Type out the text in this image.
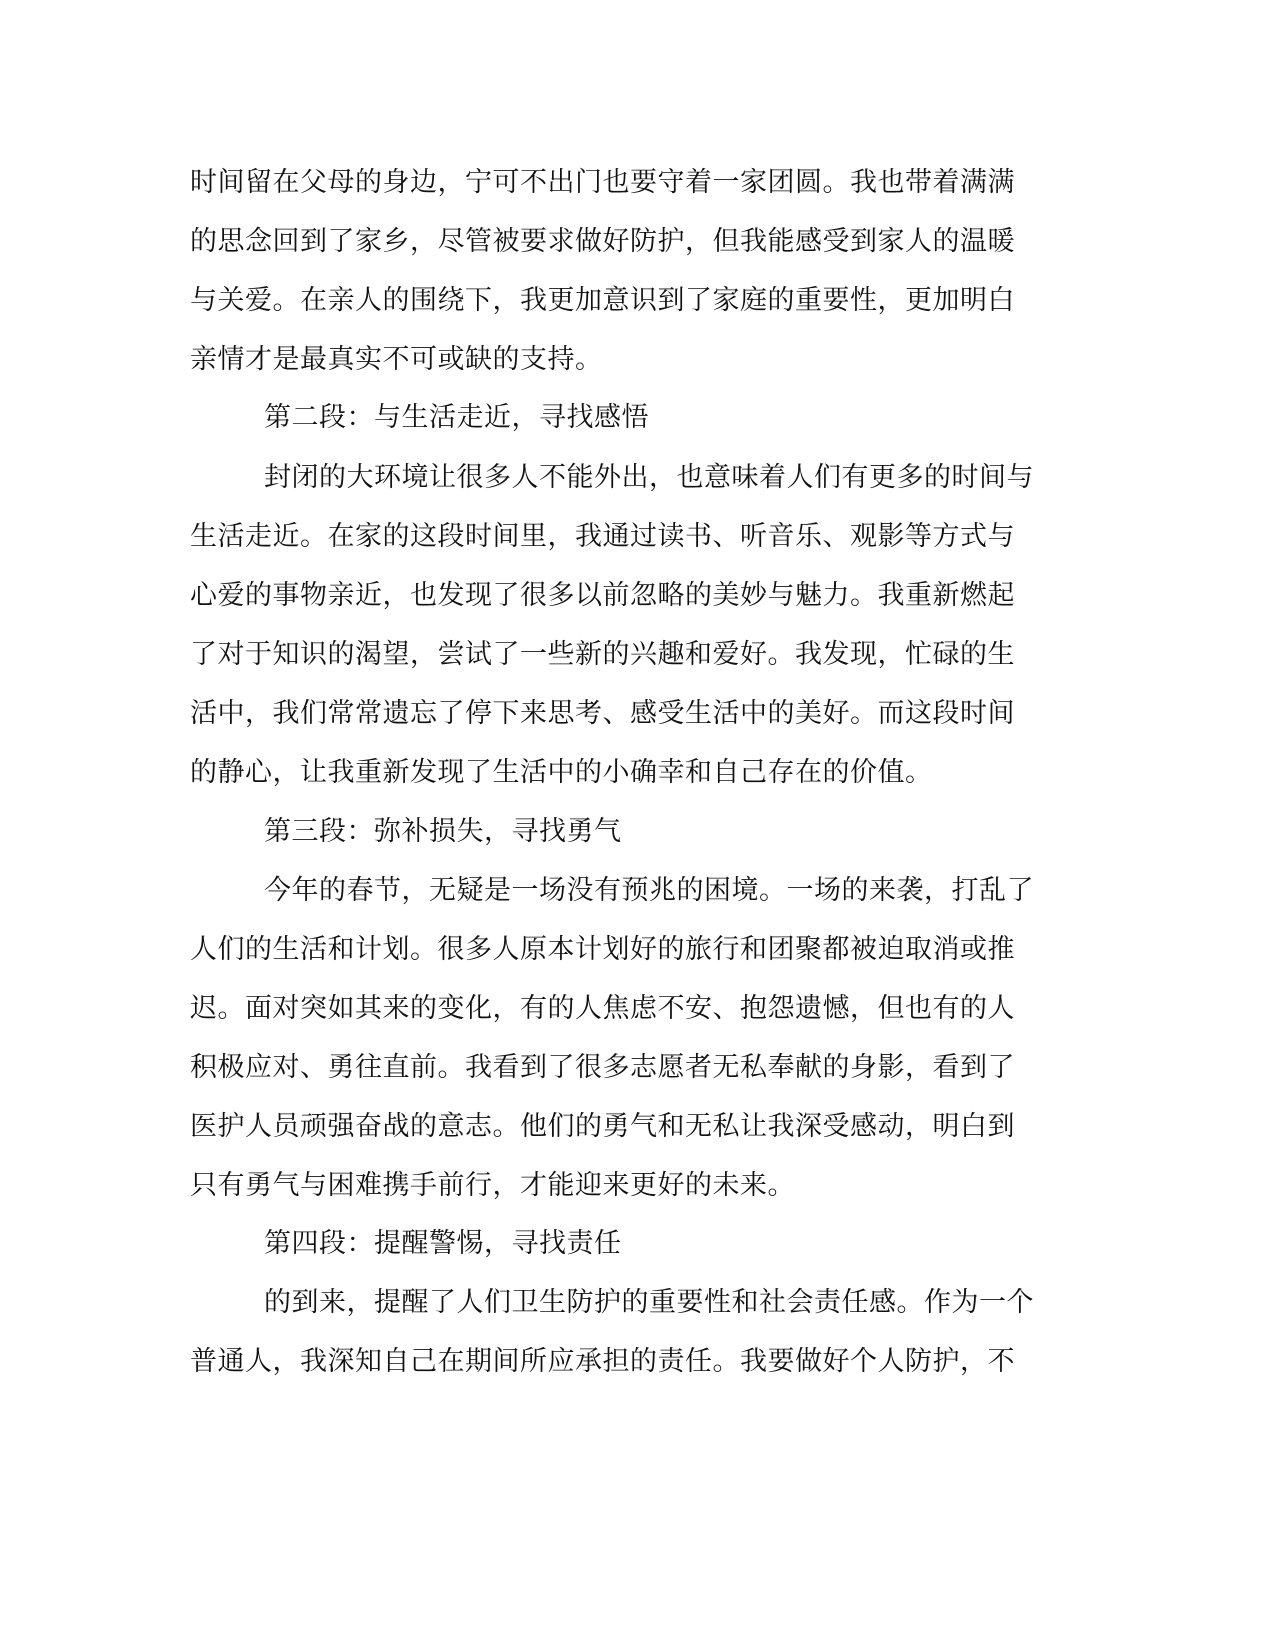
时间留在父母的身边，宁可不出门也要守着一家团圆。我也带着满满

的思念回到了家乡，尽管被要求做好防护，但我能感受到家人的温暖

与关爱。在亲人的围绕下，我更加意识到了家庭的重要性，更加明白

亲情才是最真实不可或缺的支持。

第二段：与生活走近，寻找感悟

封闭的大环境让很多人不能外出，也意味着人们有更多的时间与

生活走近。在家的这段时间里，我通过读书、听音乐、观影等方式与

心爱的事物亲近，也发现了很多以前忽略的美妙与魅力。我重新燃起

了对于知识的渴望，尝试了一些新的兴趣和爱好。我发现，忙碌的生

活中，我们常常遗忘了停下来思考、感受生活中的美好。而这段时间

的静心，让我重新发现了生活中的小确幸和自己存在的价值。

第三段：弥补损失，寻找勇气

今年的春节，无疑是一场没有预兆的困境。一场的来袭，打乱了

人们的生活和计划。很多人原本计划好的旅行和团聚都被迫取消或推

迟。面对突如其来的变化，有的人焦虑不安、抱怨遗憾，但也有的人

积极应对、勇往直前。我看到了很多志愿者无私奉献的身影，看到了

医护人员顽强奋战的意志。他们的勇气和无私让我深受感动，明白到

只有勇气与困难携手前行，才能迎来更好的未来。

第四段：提醒警惕，寻找责任

的到来，提醒了人们卫生防护的重要性和社会责任感。作为一个

普通人，我深知自己在期间所应承担的责任。我要做好个人防护，不
